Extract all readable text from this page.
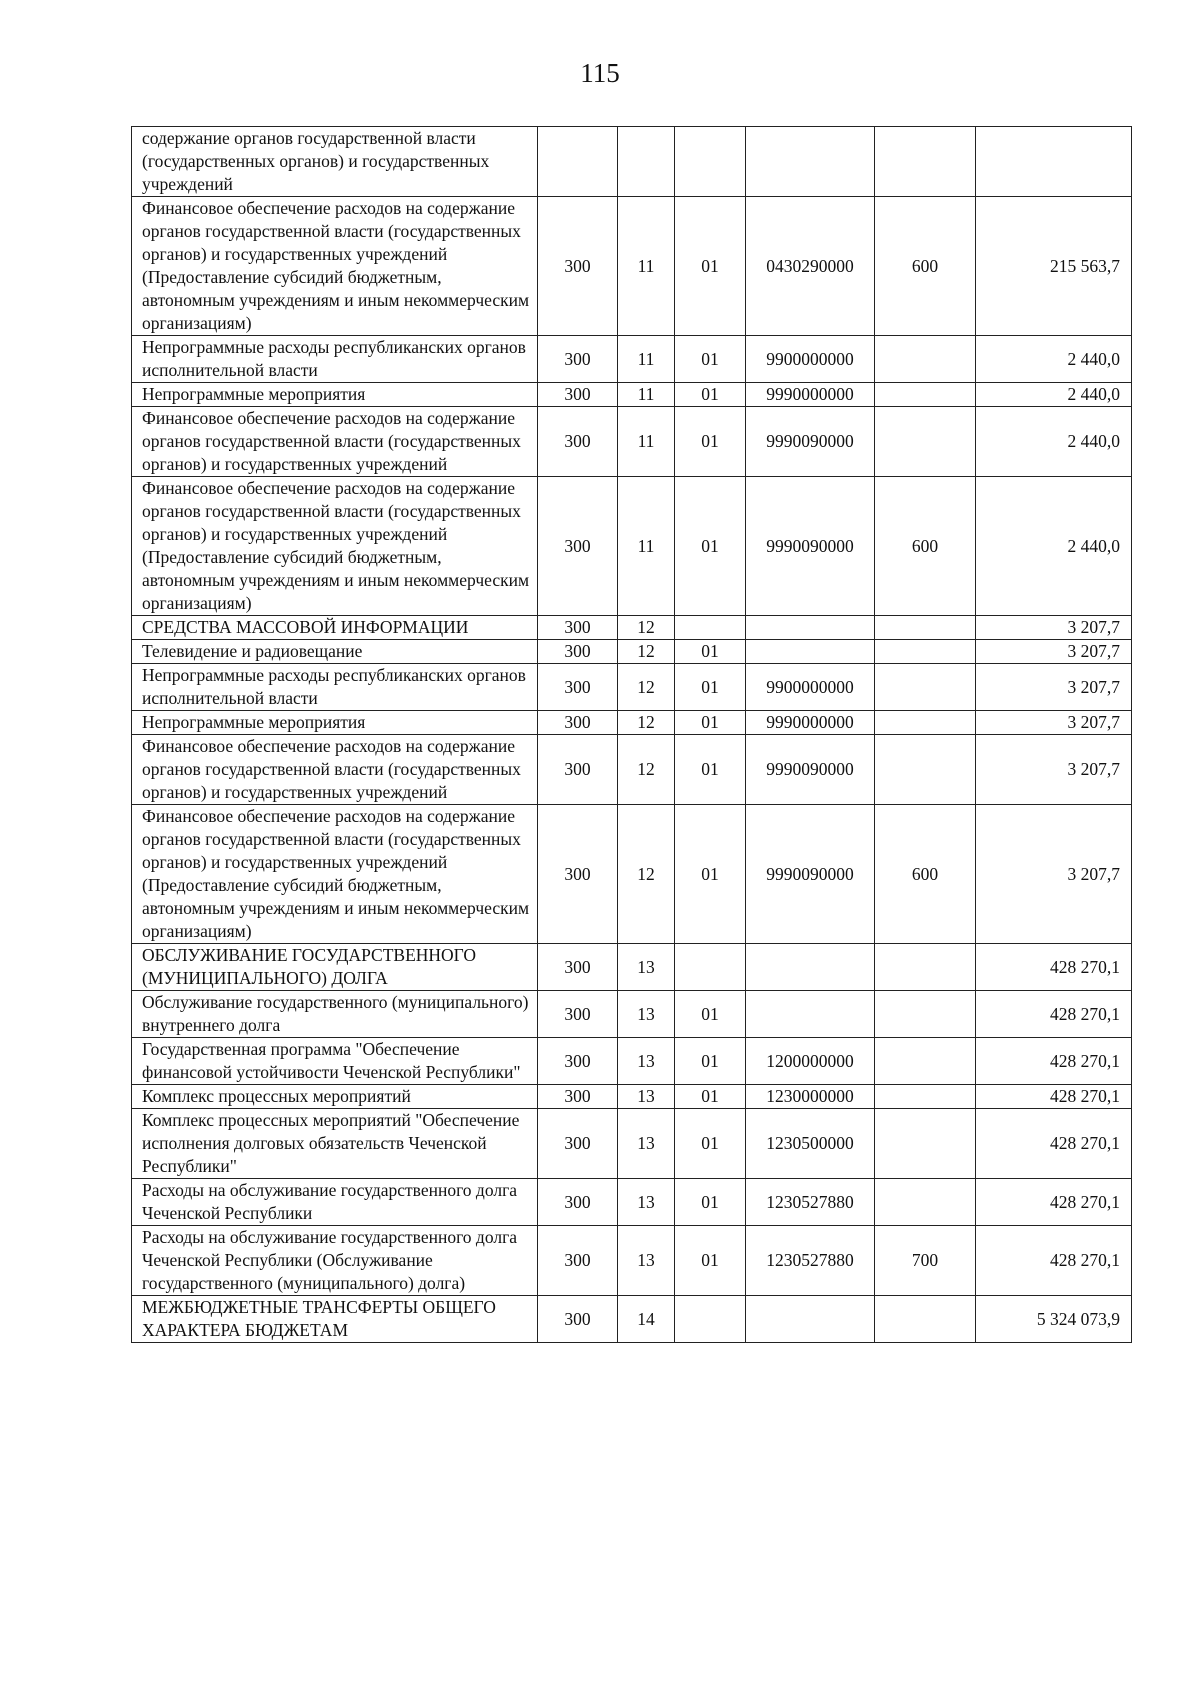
115
содержание органов государственной власти (государственных органов) и государственных учреждений						
Финансовое обеспечение расходов на содержание органов государственной власти (государственных органов) и государственных учреждений (Предоставление субсидий бюджетным, автономным учреждениям и иным некоммерческим организациям)	300	11	01	0430290000	600	215 563,7
Непрограммные расходы республиканских органов исполнительной власти	300	11	01	9900000000		2 440,0
Непрограммные мероприятия	300	11	01	9990000000		2 440,0
Финансовое обеспечение расходов на содержание органов государственной власти (государственных органов) и государственных учреждений	300	11	01	9990090000		2 440,0
Финансовое обеспечение расходов на содержание органов государственной власти (государственных органов) и государственных учреждений (Предоставление субсидий бюджетным, автономным учреждениям и иным некоммерческим организациям)	300	11	01	9990090000	600	2 440,0
СРЕДСТВА МАССОВОЙ ИНФОРМАЦИИ	300	12				3 207,7
Телевидение и радиовещание	300	12	01			3 207,7
Непрограммные расходы республиканских органов исполнительной власти	300	12	01	9900000000		3 207,7
Непрограммные мероприятия	300	12	01	9990000000		3 207,7
Финансовое обеспечение расходов на содержание органов государственной власти (государственных органов) и государственных учреждений	300	12	01	9990090000		3 207,7
Финансовое обеспечение расходов на содержание органов государственной власти (государственных органов) и государственных учреждений (Предоставление субсидий бюджетным, автономным учреждениям и иным некоммерческим организациям)	300	12	01	9990090000	600	3 207,7
ОБСЛУЖИВАНИЕ ГОСУДАРСТВЕННОГО (МУНИЦИПАЛЬНОГО) ДОЛГА	300	13				428 270,1
Обслуживание государственного (муниципального) внутреннего долга	300	13	01			428 270,1
Государственная программа "Обеспечение финансовой устойчивости Чеченской Республики"	300	13	01	1200000000		428 270,1
Комплекс процессных мероприятий	300	13	01	1230000000		428 270,1
Комплекс процессных мероприятий "Обеспечение исполнения долговых обязательств Чеченской Республики"	300	13	01	1230500000		428 270,1
Расходы на обслуживание государственного долга Чеченской Республики	300	13	01	1230527880		428 270,1
Расходы на обслуживание государственного долга Чеченской Республики (Обслуживание государственного (муниципального) долга)	300	13	01	1230527880	700	428 270,1
МЕЖБЮДЖЕТНЫЕ ТРАНСФЕРТЫ ОБЩЕГО ХАРАКТЕРА БЮДЖЕТАМ	300	14				5 324 073,9
